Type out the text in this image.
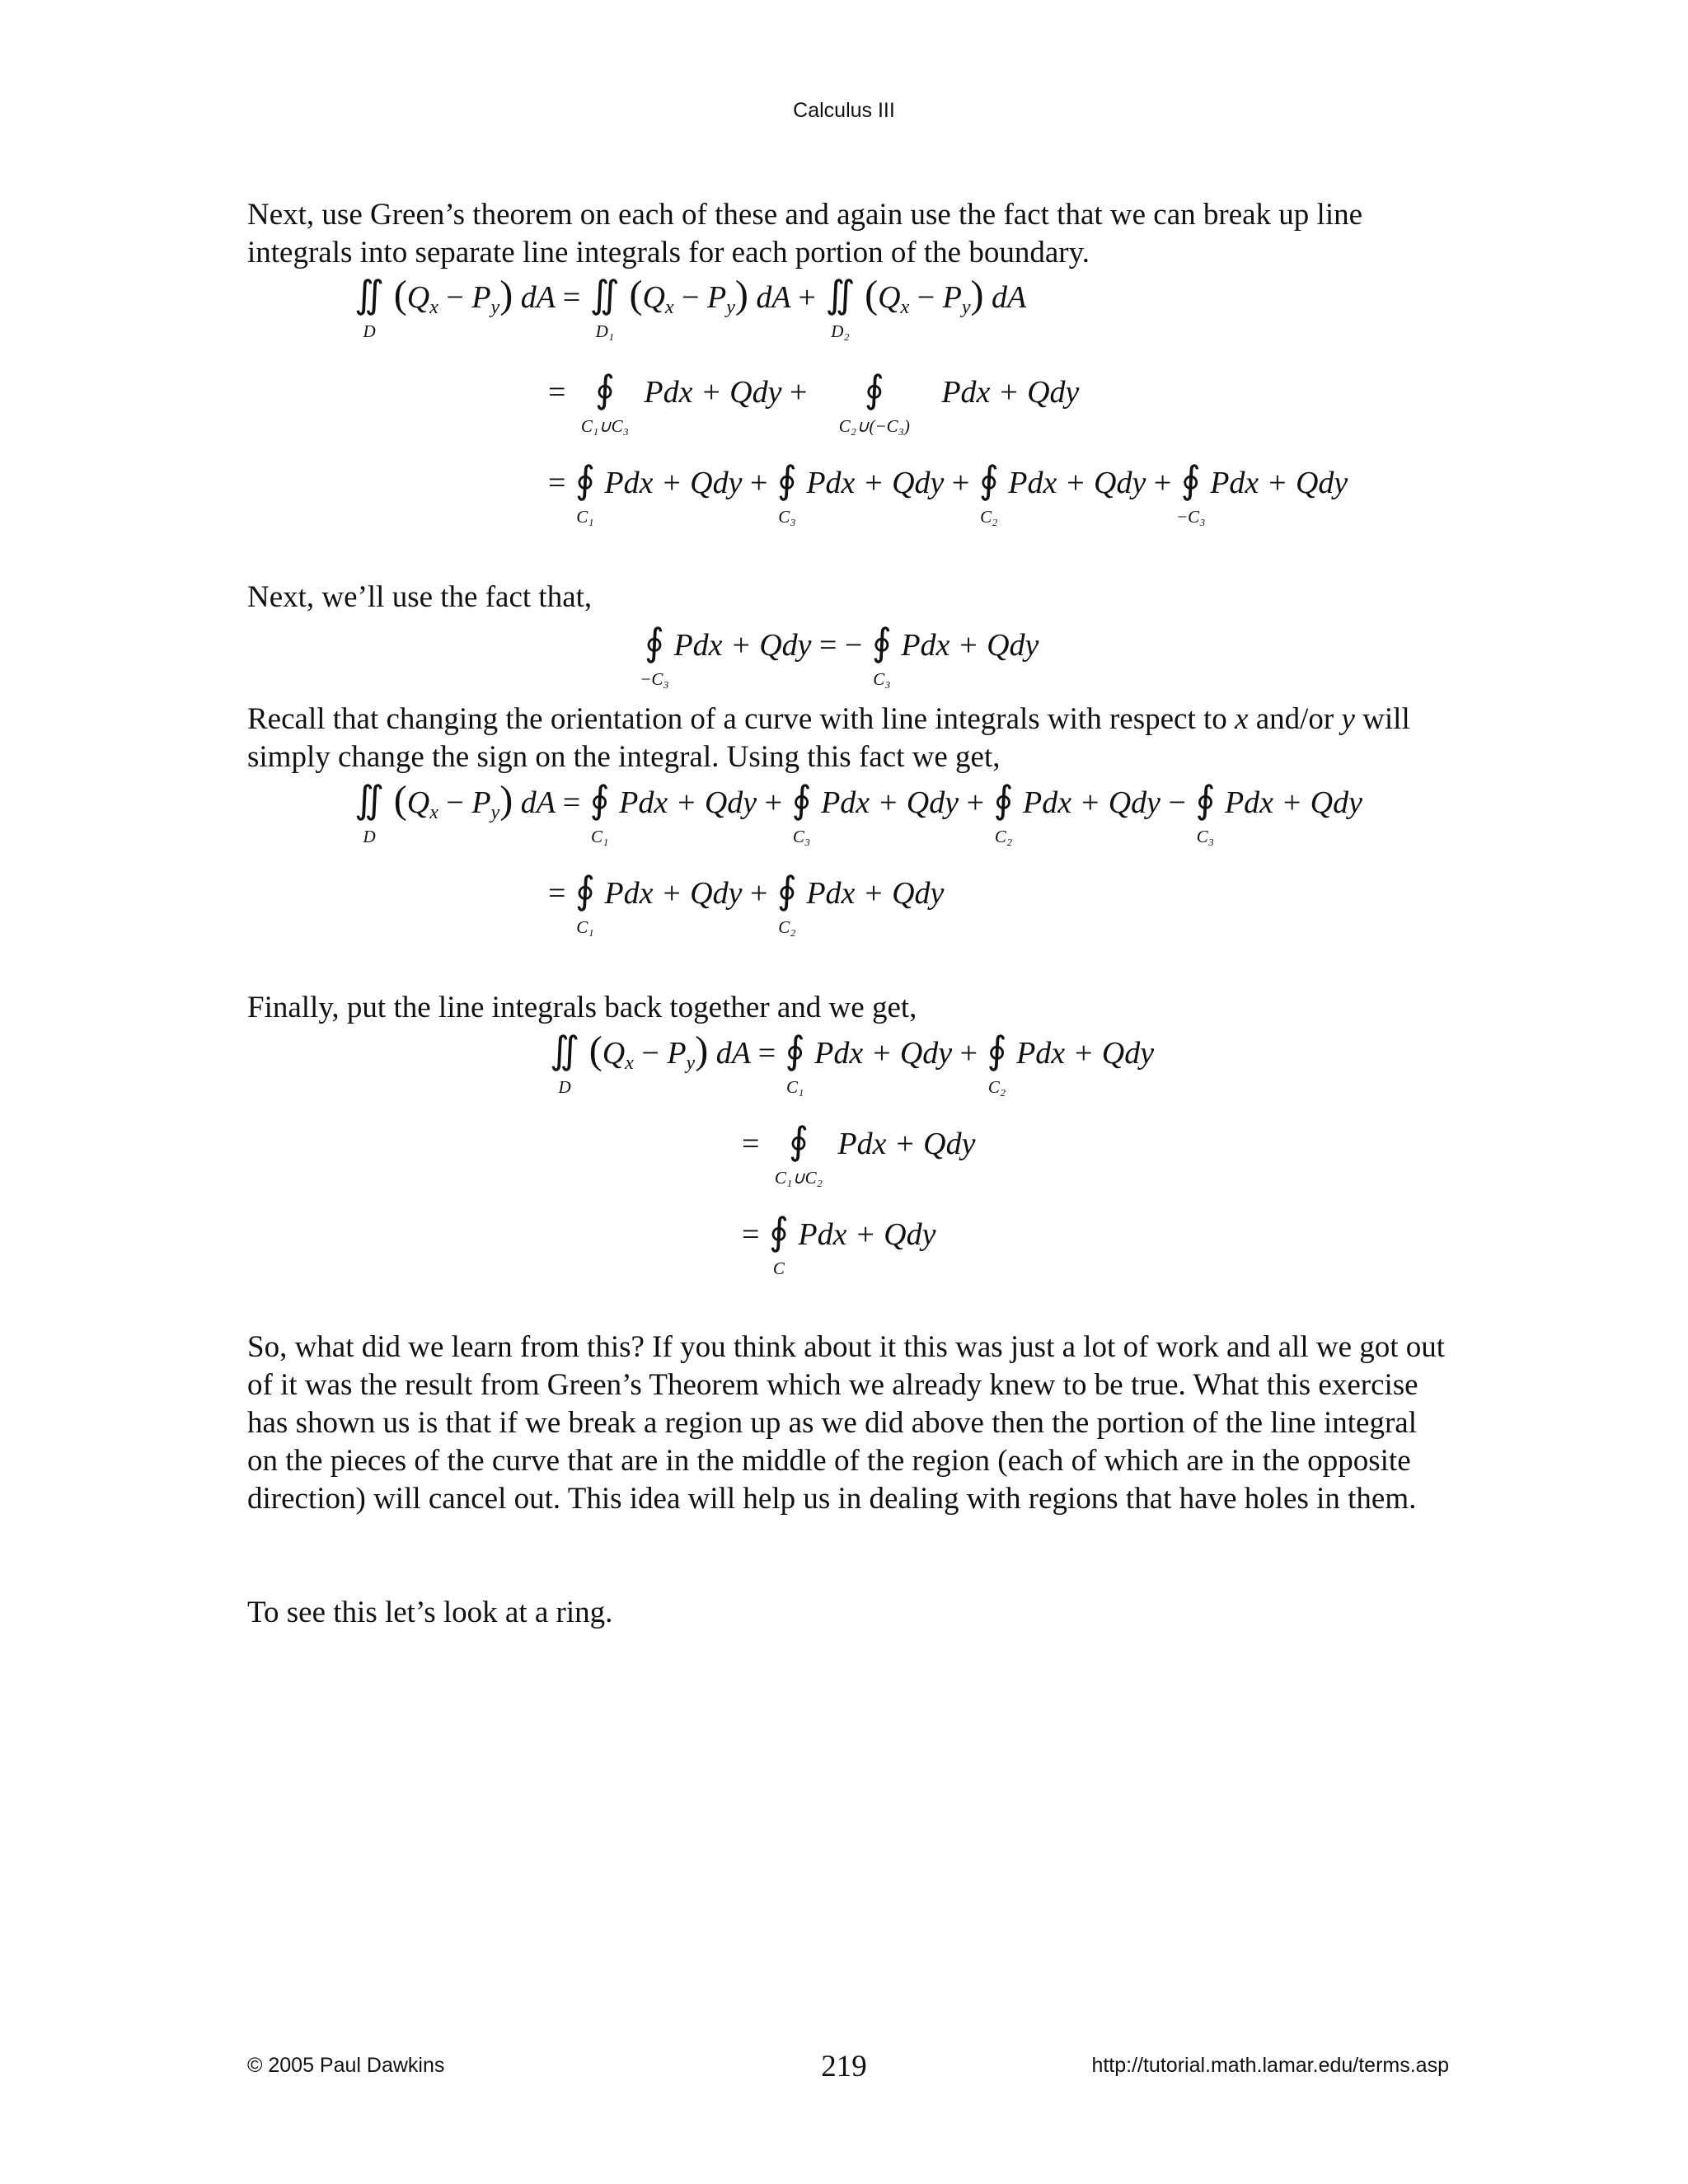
Calculus III

Next, use Green’s theorem on each of these and again use the fact that we can break up line integrals into separate line integrals for each portion of the boundary.

∬
D
(Qx − Py) dA = ∬
D₁
(Qx − Py) dA + ∬
D₂
(Qx − Py) dA
= ∮
C₁∪C₃
Pdx + Qdy + ∮
C₂∪(−C₃)
Pdx + Qdy
= ∮
C₁
Pdx + Qdy + ∮
C₃
Pdx + Qdy + ∮
C₂
Pdx + Qdy + ∮
−C₃
Pdx + Qdy

Next, we’ll use the fact that,

∮
−C₃
Pdx + Qdy = − ∮
C₃
Pdx + Qdy

Recall that changing the orientation of a curve with line integrals with respect to x and/or y will simply change the sign on the integral. Using this fact we get,

∬
D
(Qx − Py) dA = ∮
C₁
Pdx + Qdy + ∮
C₃
Pdx + Qdy + ∮
C₂
Pdx + Qdy − ∮
C₃
Pdx + Qdy
= ∮
C₁
Pdx + Qdy + ∮
C₂
Pdx + Qdy

Finally, put the line integrals back together and we get,

∬
D
(Qx − Py) dA = ∮
C₁
Pdx + Qdy + ∮
C₂
Pdx + Qdy
= ∮
C₁∪C₂
Pdx + Qdy
= ∮
C
Pdx + Qdy

So, what did we learn from this? If you think about it this was just a lot of work and all we got out of it was the result from Green’s Theorem which we already knew to be true. What this exercise has shown us is that if we break a region up as we did above then the portion of the line integral on the pieces of the curve that are in the middle of the region (each of which are in the opposite direction) will cancel out. This idea will help us in dealing with regions that have holes in them.

To see this let’s look at a ring.

© 2005 Paul Dawkins	219	http://tutorial.math.lamar.edu/terms.asp
